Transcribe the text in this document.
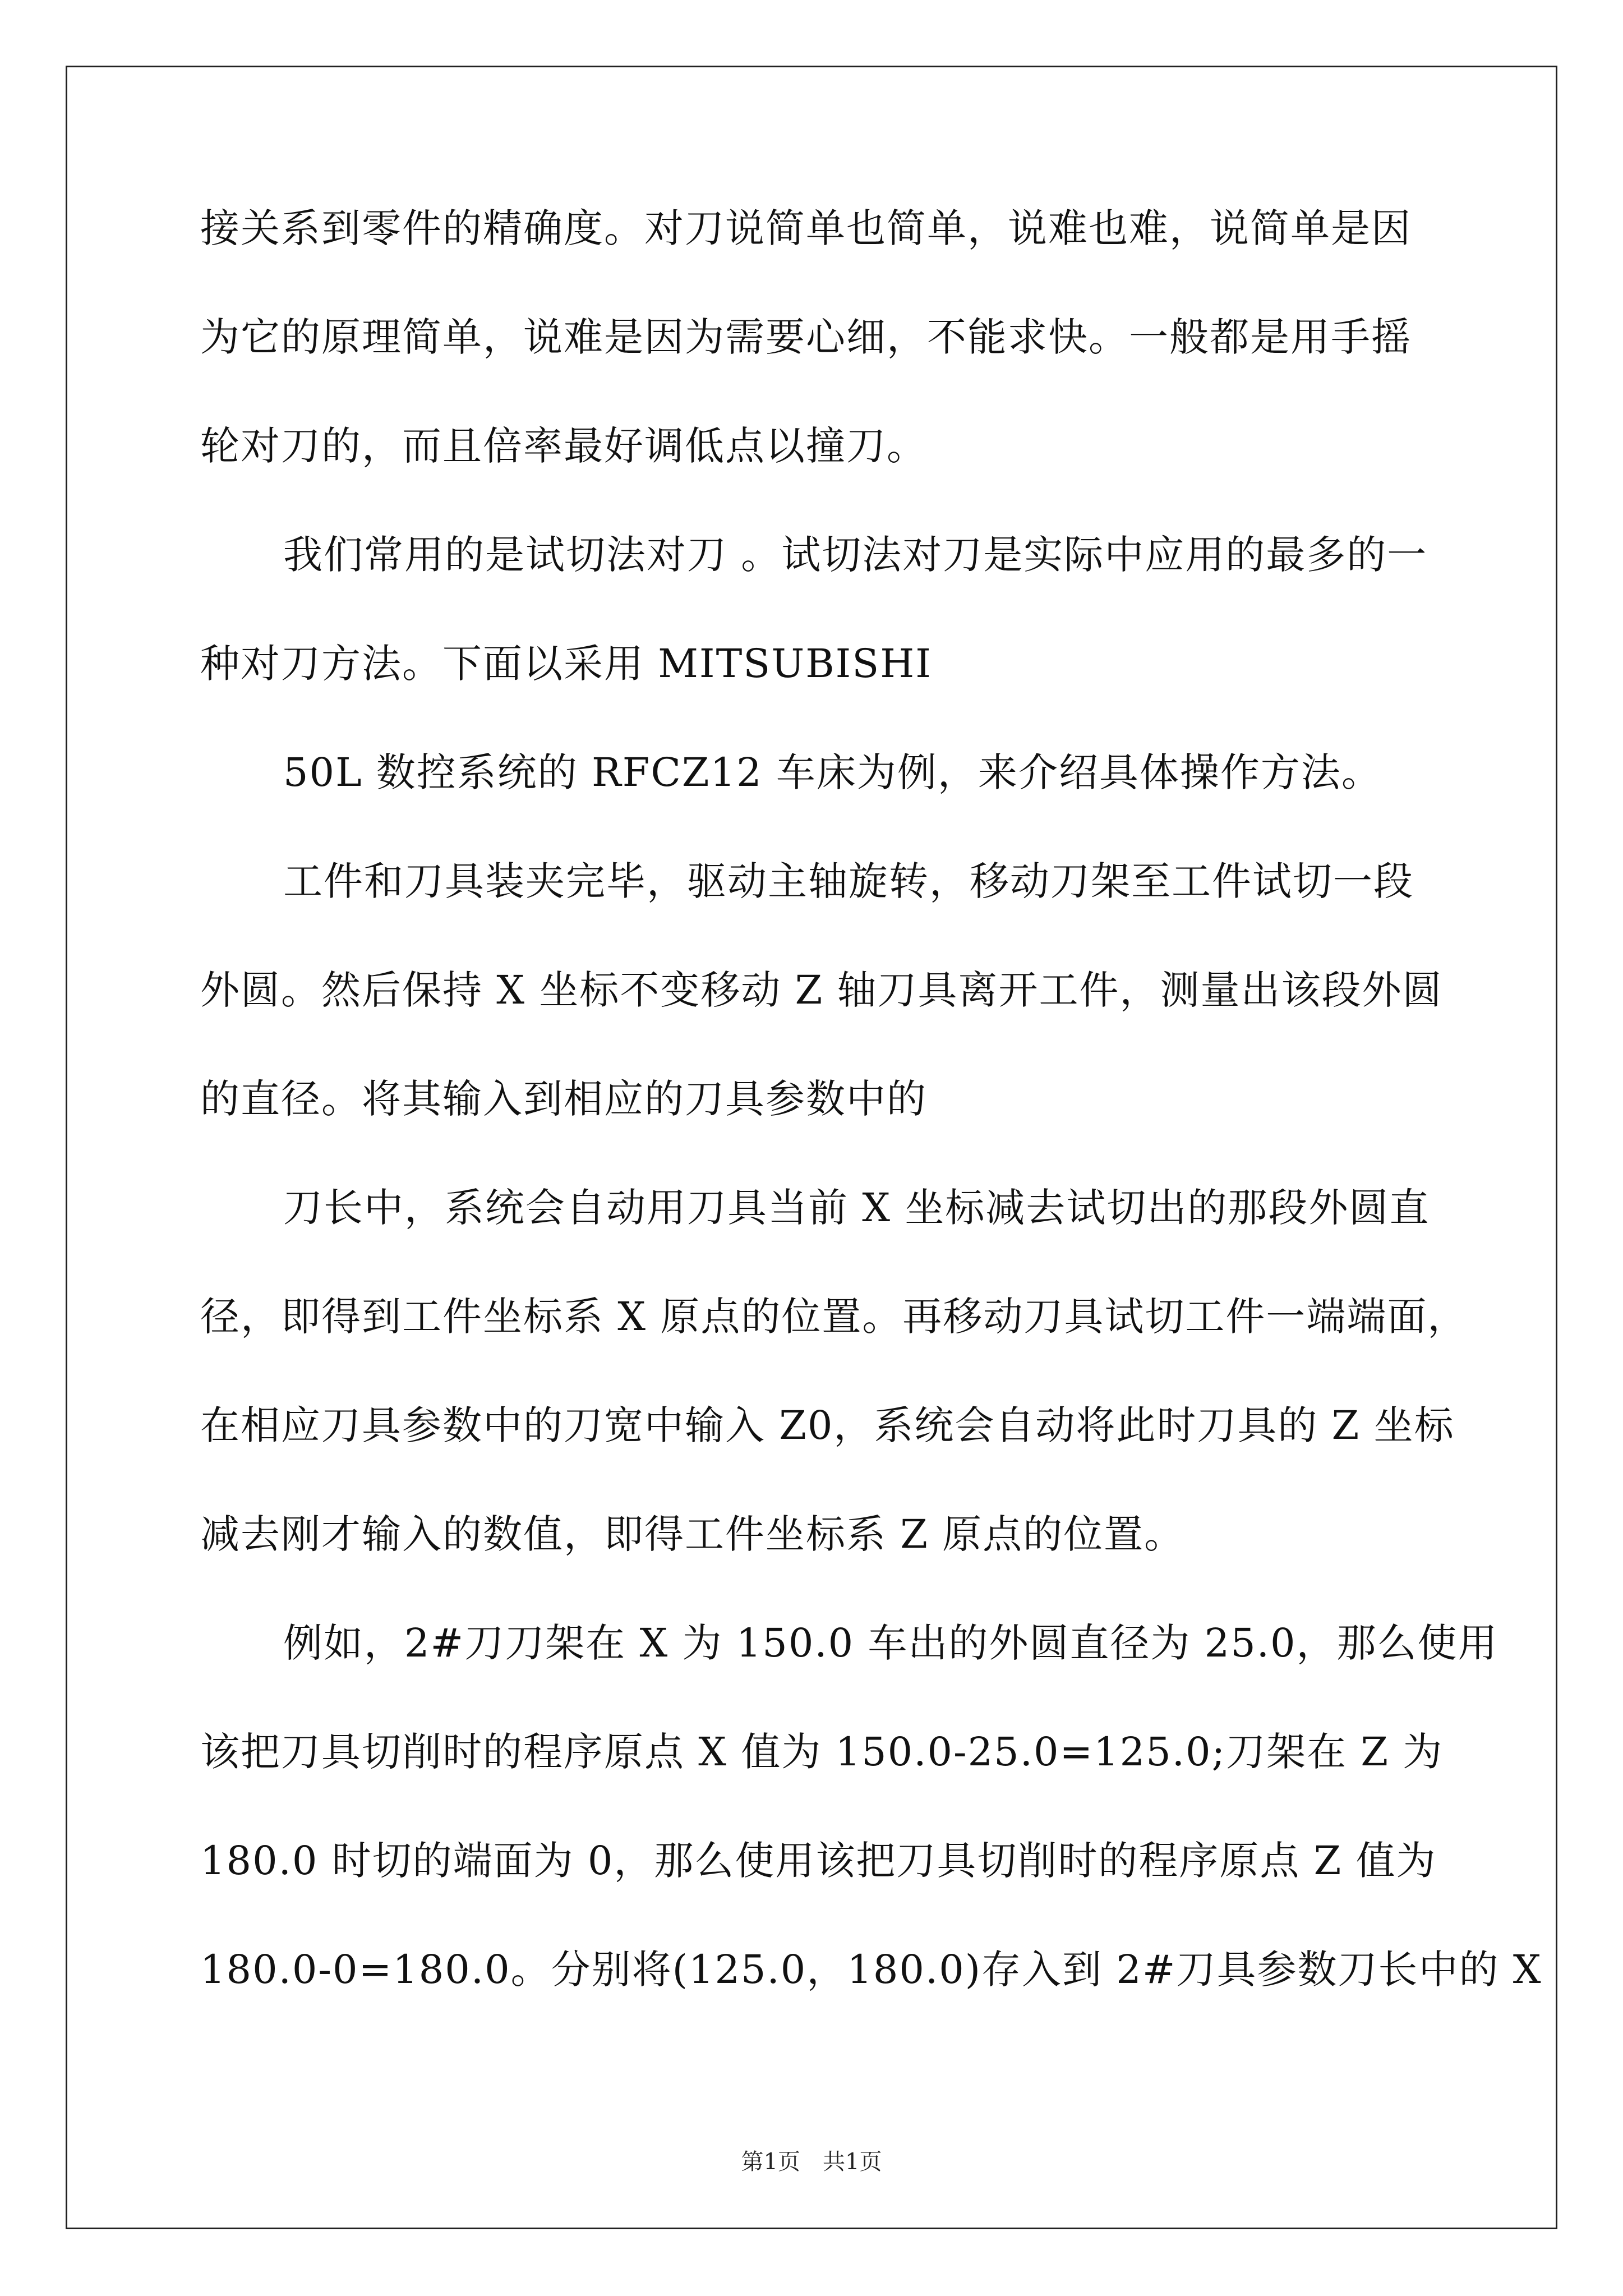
接关系到零件的精确度。对刀说简单也简单，说难也难，说简单是因
为它的原理简单，说难是因为需要心细，不能求快。一般都是用手摇
轮对刀的，而且倍率最好调低点以撞刀。
我们常用的是试切法对刀 。试切法对刀是实际中应用的最多的一
种对刀方法。下面以采用 MITSUBISHI
50L 数控系统的 RFCZ12 车床为例，来介绍具体操作方法。
工件和刀具装夹完毕，驱动主轴旋转，移动刀架至工件试切一段
外圆。然后保持 X 坐标不变移动 Z 轴刀具离开工件，测量出该段外圆
的直径。将其输入到相应的刀具参数中的
刀长中，系统会自动用刀具当前 X 坐标减去试切出的那段外圆直
径，即得到工件坐标系 X 原点的位置。再移动刀具试切工件一端端面，
在相应刀具参数中的刀宽中输入 Z0，系统会自动将此时刀具的 Z 坐标
减去刚才输入的数值，即得工件坐标系 Z 原点的位置。
例如，2#刀刀架在 X 为 150.0 车出的外圆直径为 25.0，那么使用
该把刀具切削时的程序原点 X 值为 150.0-25.0=125.0;刀架在 Z 为
180.0 时切的端面为 0，那么使用该把刀具切削时的程序原点 Z 值为
180.0-0=180.0。分别将(125.0，180.0)存入到 2#刀具参数刀长中的 X
第1页 共1页
